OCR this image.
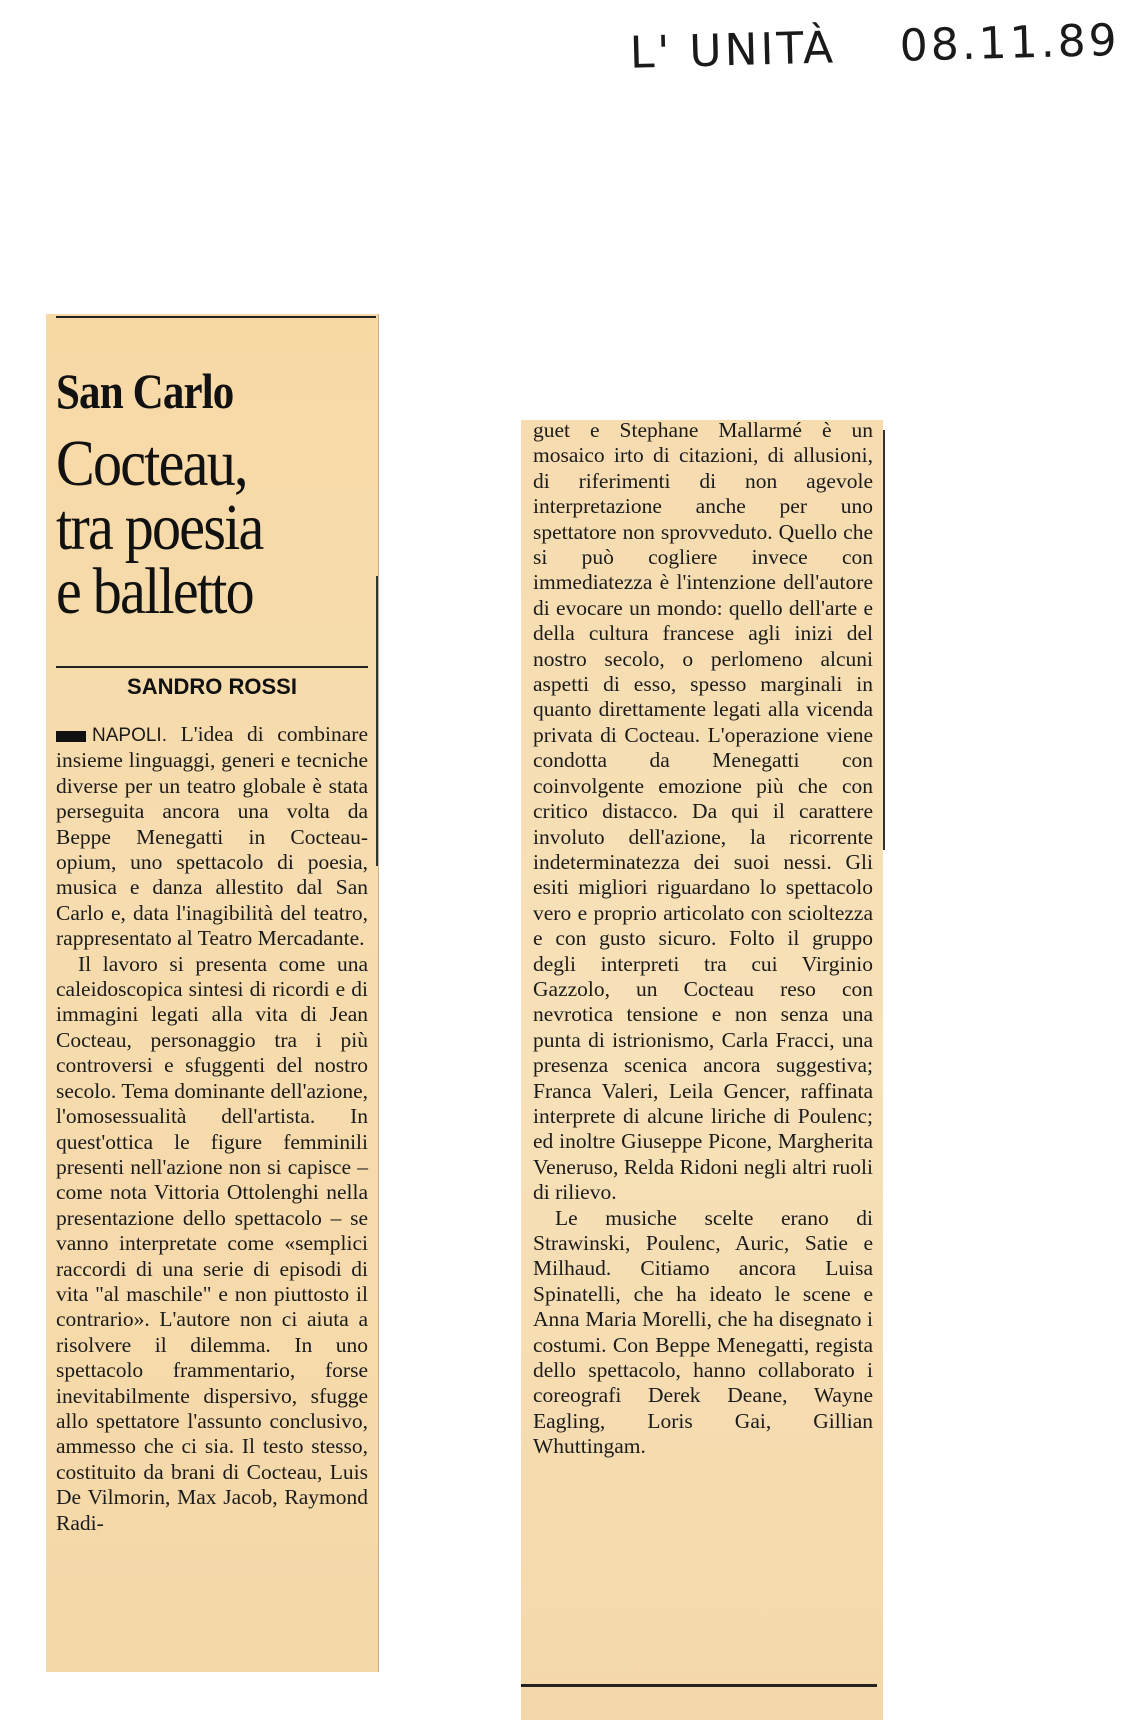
L' UNITÀ 08.11.89
San Carlo
Cocteau,
tra poesia
e balletto
SANDRO ROSSI

NAPOLI. L'idea di combinare insieme linguaggi, generi e tecniche diverse per un teatro globale è stata perseguita ancora una volta da Beppe Menegatti in Cocteau-opium, uno spettacolo di poesia, musica e danza allestito dal San Carlo e, data l'inagibilità del teatro, rappresentato al Teatro Mercadante.

Il lavoro si presenta come una caleidoscopica sintesi di ricordi e di immagini legati alla vita di Jean Cocteau, personaggio tra i più controversi e sfuggenti del nostro secolo. Tema dominante dell'azione, l'omosessualità dell'artista. In quest'ottica le figure femminili presenti nell'azione non si capisce – come nota Vittoria Ottolenghi nella presentazione dello spettacolo – se vanno interpretate come «semplici raccordi di una serie di episodi di vita "al maschile" e non piuttosto il contrario». L'autore non ci aiuta a risolvere il dilemma. In uno spettacolo frammentario, forse inevitabilmente dispersivo, sfugge allo spettatore l'assunto conclusivo, ammesso che ci sia. Il testo stesso, costituito da brani di Cocteau, Luis De Vilmorin, Max Jacob, Raymond Radi-

guet e Stephane Mallarmé è un mosaico irto di citazioni, di allusioni, di riferimenti di non agevole interpretazione anche per uno spettatore non sprovveduto. Quello che si può cogliere invece con immediatezza è l'intenzione dell'autore di evocare un mondo: quello dell'arte e della cultura francese agli inizi del nostro secolo, o perlomeno alcuni aspetti di esso, spesso marginali in quanto direttamente legati alla vicenda privata di Cocteau. L'operazione viene condotta da Menegatti con coinvolgente emozione più che con critico distacco. Da qui il carattere involuto dell'azione, la ricorrente indeterminatezza dei suoi nessi. Gli esiti migliori riguardano lo spettacolo vero e proprio articolato con scioltezza e con gusto sicuro. Folto il gruppo degli interpreti tra cui Virginio Gazzolo, un Cocteau reso con nevrotica tensione e non senza una punta di istrionismo, Carla Fracci, una presenza scenica ancora suggestiva; Franca Valeri, Leila Gencer, raffinata interprete di alcune liriche di Poulenc; ed inoltre Giuseppe Picone, Margherita Veneruso, Relda Ridoni negli altri ruoli di rilievo.

Le musiche scelte erano di Strawinski, Poulenc, Auric, Satie e Milhaud. Citiamo ancora Luisa Spinatelli, che ha ideato le scene e Anna Maria Morelli, che ha disegnato i costumi. Con Beppe Menegatti, regista dello spettacolo, hanno collaborato i coreografi Derek Deane, Wayne Eagling, Loris Gai, Gillian Whuttingam.
